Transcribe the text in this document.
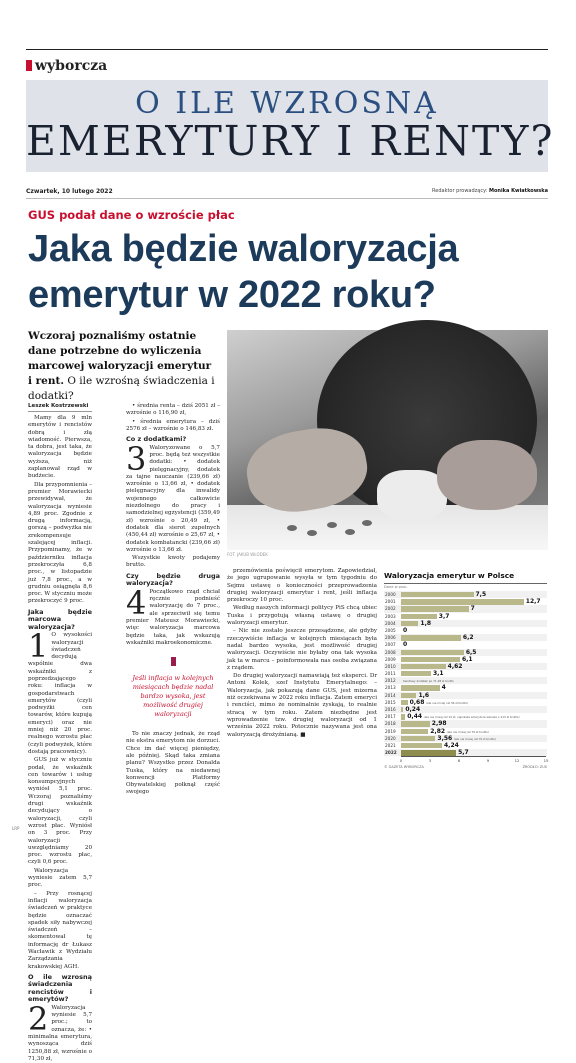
wyborcza
O ILE WZROSNĄ
EMERYTURY I RENTY?
Czwartek, 10 lutego 2022	Redaktor prowadzący: Monika Kwiatkowska
GUS podał dane o wzroście płac
Jaka będzie waloryzacja emerytur w 2022 roku?
Wczoraj poznaliśmy ostatnie dane potrzebne do wyliczenia marcowej waloryzacji emerytur i rent. O ile wzrośną świadczenia i dodatki?
FOT. JAKUB WŁODEK
Leszek Kostrzewski

Mamy dla 9 mln emerytów i rencistów dobrą i złą wiadomość. Pierwsza, ta dobra, jest taka, że waloryzacja będzie wyższa, niż zaplanował rząd w budżecie.

Dla przypomnienia – premier Morawiecki przewidywał, że waloryzacja wyniesie 4,89 proc. Zgodnie z drugą informacją, gorszą – podwyżka nie zrekompensuje szalejącej inflacji. Przypominamy, że w październiku inflacja przekroczyła 6,8 proc., w listopadzie już 7,8 proc., a w grudniu osiągnęła 8,6 proc. W styczniu może przekroczyć 9 proc.

Jaka będzie marcowa waloryzacja?

1 O wysokości waloryzacji świadczeń decydują wspólnie dwa wskaźniki z poprzedzającego roku: inflacja w gospodarstwach emerytów (czyli podwyżki cen towarów, które kupują emeryci) oraz nie mniej niż 20 proc. realnego wzrostu płac (czyli podwyżek, które dostają pracownicy).

GUS już w styczniu podał, że wskaźnik cen towarów i usług konsumpcyjnych wyniósł 5,1 proc. Wczoraj poznaliśmy drugi wskaźnik decydujący o waloryzacji, czyli wzrost płac. Wyniósł on 3 proc. Przy waloryzacji uwzględniamy 20 proc. wzrostu płac, czyli 0,6 proc.

Waloryzacja wyniesie zatem 5,7 proc.

– Przy rosnącej inflacji waloryzacja świadczeń w praktyce będzie oznaczać spadek siły nabywczej świadczeń – skomentował tę informację dr Łukasz Wacławik z Wydziału Zarządzania krakowskiej AGH.

O ile wzrosną świadczenia rencistów i emerytów?

2 Waloryzacja wyniesie 5,7 proc.; to oznacza, że: • minimalna emerytura, wynosząca dziś 1250,88 zł, wzrośnie o 71,30 zł,

• średnia renta – dziś 2051 zł – wzrośnie o 116,90 zł,

• średnia emerytura – dziś 2576 zł – wzrośnie o 146,83 zł.

Co z dodatkami?

3 Waloryzowane o 5,7 proc. będą też wszystkie dodatki: • dodatek pielęgnacyjny, dodatek za tajne nauczanie (239,66 zł) wzrośnie o 13,66 zł, • dodatek pielęgnacyjny dla inwalidy wojennego całkowicie niezdolnego do pracy i samodzielnej egzystencji (359,49 zł) wzrośnie o 20,49 zł, • dodatek dla sierot zupełnych (450,44 zł) wzrośnie o 25,67 zł, • dodatek kombatancki (239,66 zł) wzrośnie o 13,66 zł.

Wszystkie kwoty podajemy brutto.

Czy będzie druga waloryzacja?

4 Początkowo rząd chciał ręcznie podnieść waloryzację do 7 proc., ale sprzeciwił się temu premier Mateusz Morawiecki, więc waloryzacja marcowa będzie taka, jak wskazują wskaźniki makroekonomiczne.

Jeśli inflacja w kolejnych miesiącach będzie nadal bardzo wysoka, jest możliwość drugiej waloryzacji

To nie znaczy jednak, że rząd nie ekstra emerytom nie dorzuci. Chce im dać więcej pieniędzy, ale później. Skąd taka zmiana planu? Wszystko przez Donalda Tuska, który na niedawnej konwencji Platformy Obywatelskiej połknął część swojego

przemówienia poświęcił emerytom. Zapowiedział, że jego ugrupowanie wysyła w tym tygodniu do Sejmu ustawę o konieczności przeprowadzenia drugiej waloryzacji emerytur i rent, jeśli inflacja przekroczy 10 proc.

Według naszych informacji politycy PiS chcą ubiec Tuska i przygotują własną ustawę o drugiej waloryzacji emerytur.

– Nic nie zostało jeszcze przesądzone, ale gdyby rzeczywiście inflacja w kolejnych miesiącach była nadal bardzo wysoka, jest możliwość drugiej waloryzacji. Oczywiście nie byłaby ona tak wysoka jak ta w marcu – poinformowała nas osoba związana z rządem.

Do drugiej waloryzacji namawiają też eksperci. Dr Antoni Kolek, szef Instytutu Emerytalnego: – Waloryzacja, jak pokazują dane GUS, jest mizerna niż oczekiwana w 2022 roku inflacja. Zatem emeryci i renciści, mimo że nominalnie zyskają, to realnie stracą w tym roku. Zatem niezbędne jest wprowadzenie tzw. drugiej waloryzacji od 1 września 2022 roku. Potocznie nazywana jest ona waloryzacją drożyźnianą. ■

Waloryzacja emerytur w Polsce
Dane w proc.
2000	7,5
2001	12,7
2002	7
2003	3,7
2004	1,8
2005 0
2006	6,2
2007 0
2008	6,5
2009	6,1
2010	4,62
2011	3,1
2012	Kwotowy dodatek po 71,28 zł brutto
2013	4
2014	1,6
2015 0,68 (ale nie mniej niż 36 zł brutto)
2016 0,24
2017 0,44 (ale nie mniej niż 10 zł, najniższa emerytura wzrosła o 113 zł brutto)
2018	2,98
2019	2,82 (ale nie mniej niż 70 zł brutto)
2020	3,56 (ale nie mniej niż 70 zł brutto)
2021	4,24
2022	5,7
0	3	6	9	12	15
© GAZETA WYBORCZA	ŹRÓDŁO: ZUS
LRP
